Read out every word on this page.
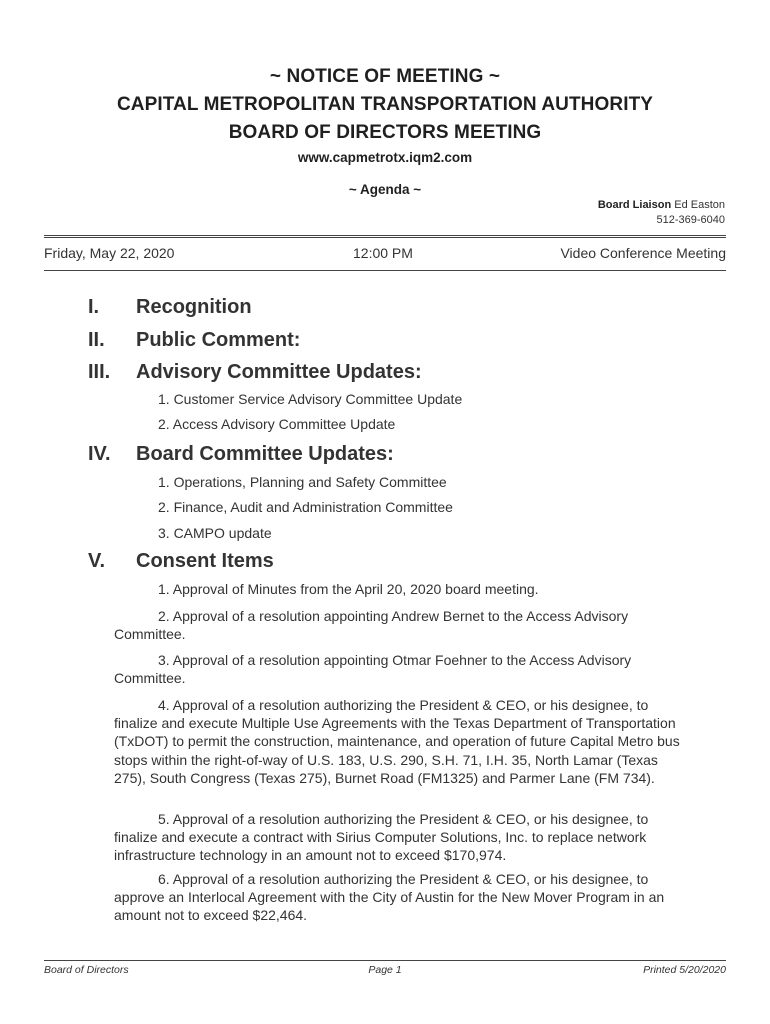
~ NOTICE OF MEETING ~
CAPITAL METROPOLITAN TRANSPORTATION AUTHORITY
BOARD OF DIRECTORS MEETING
www.capmetrotx.iqm2.com
~ Agenda ~
Board Liaison Ed Easton
512-369-6040
Friday, May 22, 2020	12:00 PM	Video Conference Meeting
I. Recognition
II. Public Comment:
III. Advisory Committee Updates:
1. Customer Service Advisory Committee Update
2. Access Advisory Committee Update
IV. Board Committee Updates:
1. Operations, Planning and Safety Committee
2. Finance, Audit and Administration Committee
3. CAMPO update
V. Consent Items
1. Approval of Minutes from the April 20, 2020 board meeting.

2. Approval of a resolution appointing Andrew Bernet to the Access Advisory Committee.

3. Approval of a resolution appointing Otmar Foehner to the Access Advisory Committee.

4. Approval of a resolution authorizing the President & CEO, or his designee, to finalize and execute Multiple Use Agreements with the Texas Department of Transportation (TxDOT) to permit the construction, maintenance, and operation of future Capital Metro bus stops within the right-of-way of U.S. 183, U.S. 290, S.H. 71, I.H. 35, North Lamar (Texas 275), South Congress (Texas 275), Burnet Road (FM1325) and Parmer Lane (FM 734).

5. Approval of a resolution authorizing the President & CEO, or his designee, to finalize and execute a contract with Sirius Computer Solutions, Inc. to replace network infrastructure technology in an amount not to exceed $170,974.

6. Approval of a resolution authorizing the President & CEO, or his designee, to approve an Interlocal Agreement with the City of Austin for the New Mover Program in an amount not to exceed $22,464.

Board of Directors	Page 1	Printed 5/20/2020
